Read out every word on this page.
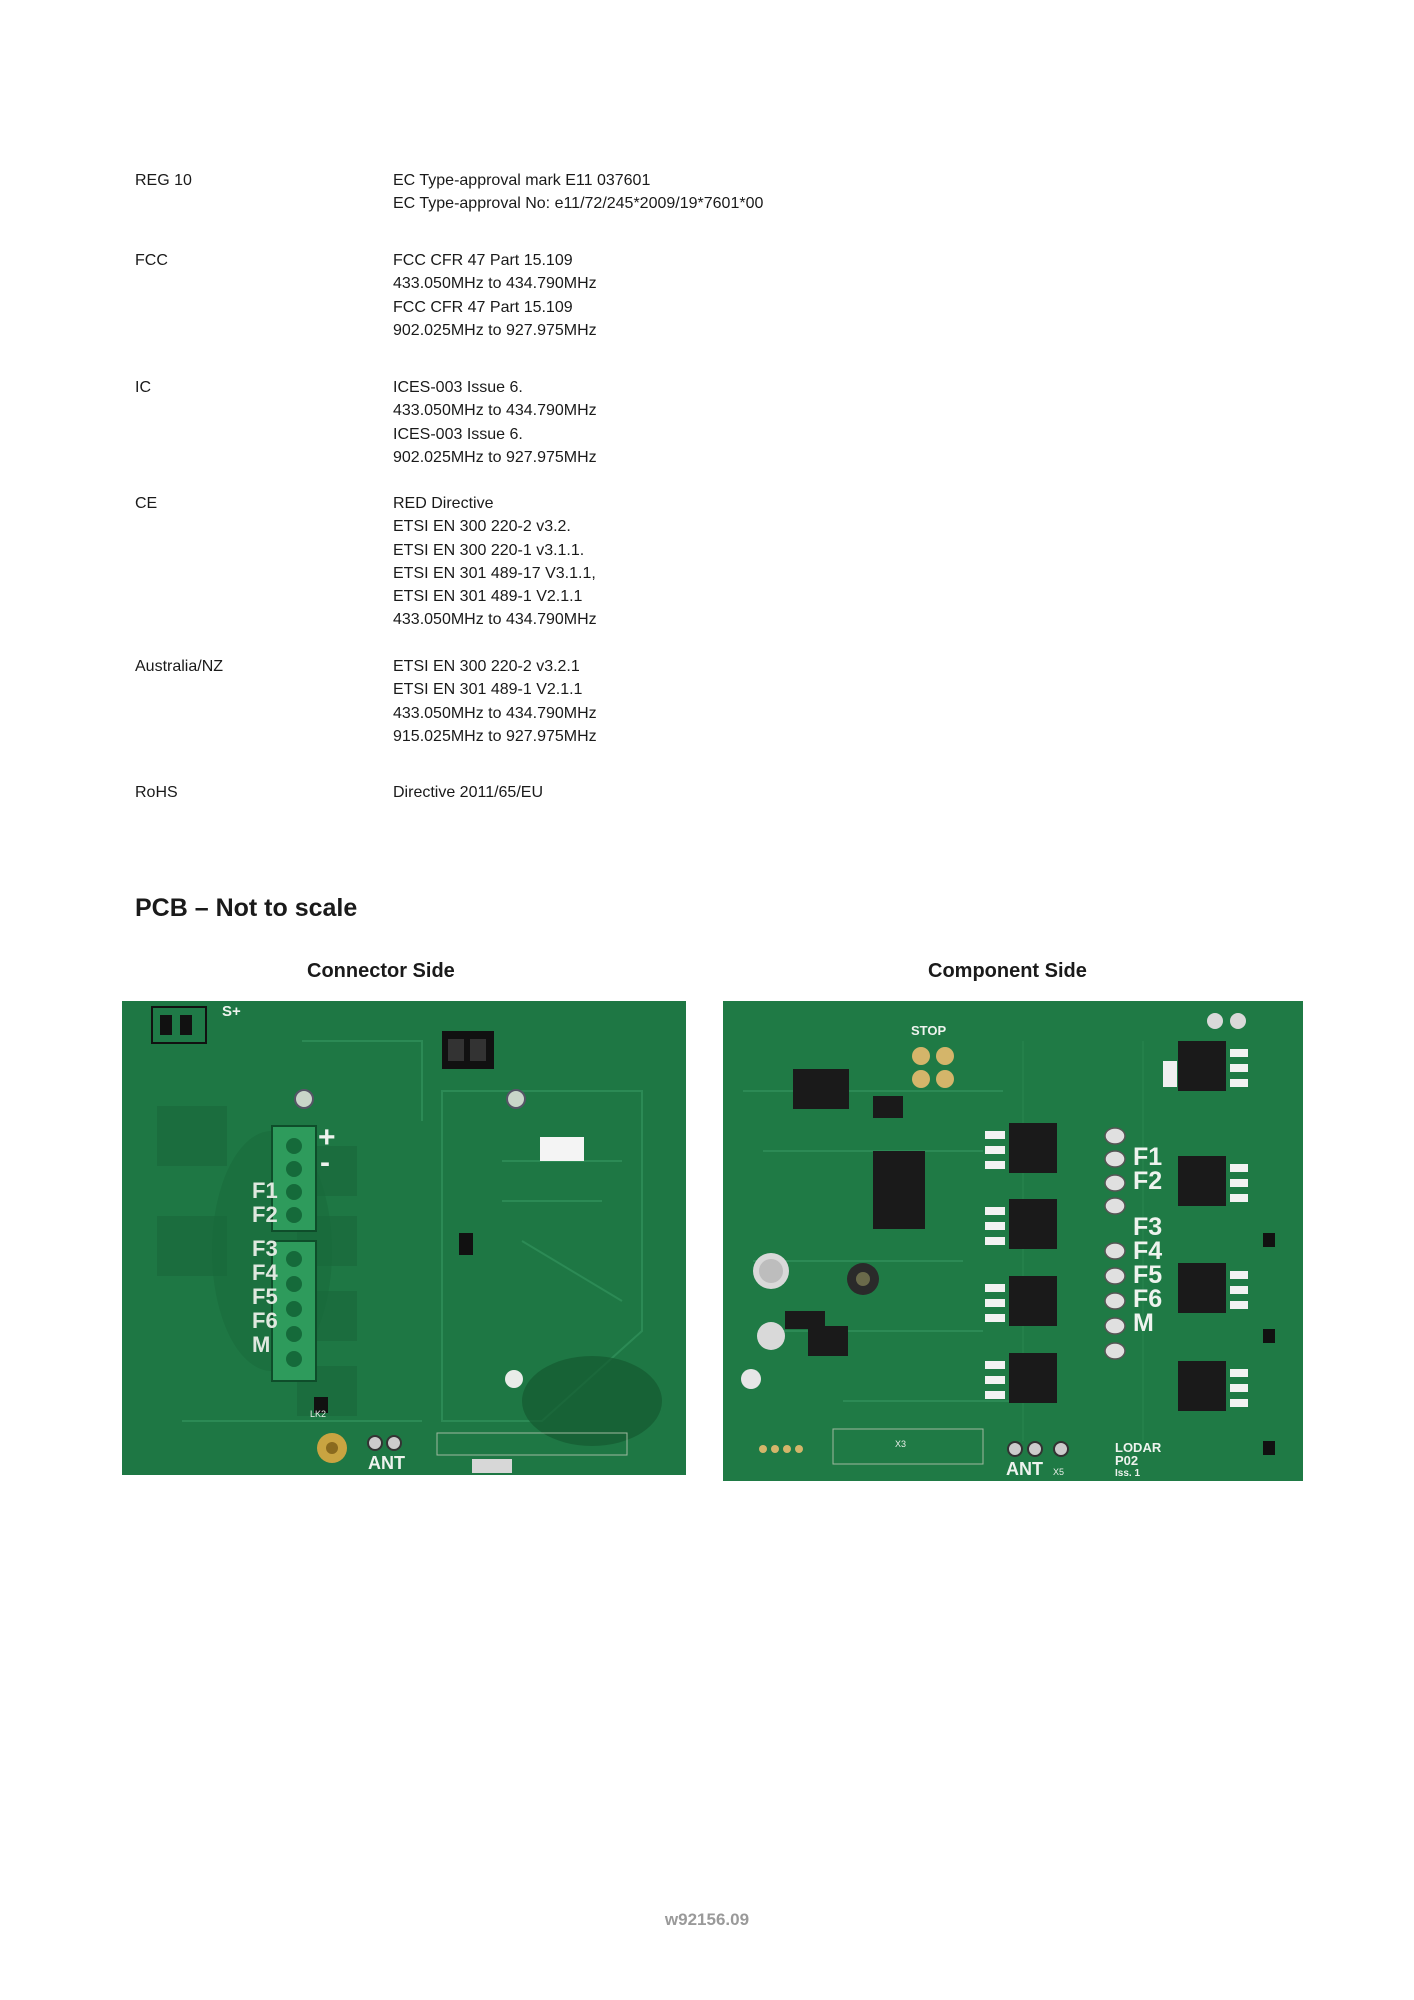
REG 10	EC Type-approval mark E11 037601
EC Type-approval No: e11/72/245*2009/19*7601*00
FCC	FCC CFR 47 Part 15.109
433.050MHz to 434.790MHz
FCC CFR 47 Part 15.109
902.025MHz to 927.975MHz
IC	ICES-003 Issue 6.
433.050MHz to 434.790MHz
ICES-003 Issue 6.
902.025MHz to 927.975MHz
CE	RED Directive
ETSI EN 300 220-2 v3.2.
ETSI EN 300 220-1 v3.1.1.
ETSI EN 301 489-17 V3.1.1,
ETSI EN 301 489-1 V2.1.1
433.050MHz to 434.790MHz
Australia/NZ	ETSI EN 300 220-2 v3.2.1
ETSI EN 301 489-1 V2.1.1
433.050MHz to 434.790MHz
915.025MHz to 927.975MHz
RoHS	Directive 2011/65/EU
PCB – Not to scale
Connector Side	Component Side
S+
+
-
F1
F2
F3
F4
F5
F6
M
LK2
ANT
STOP
F1
F2
F3
F4
F5
F6
M
X3
ANT X5
LODAR
P02
Iss. 1
w92156.09
